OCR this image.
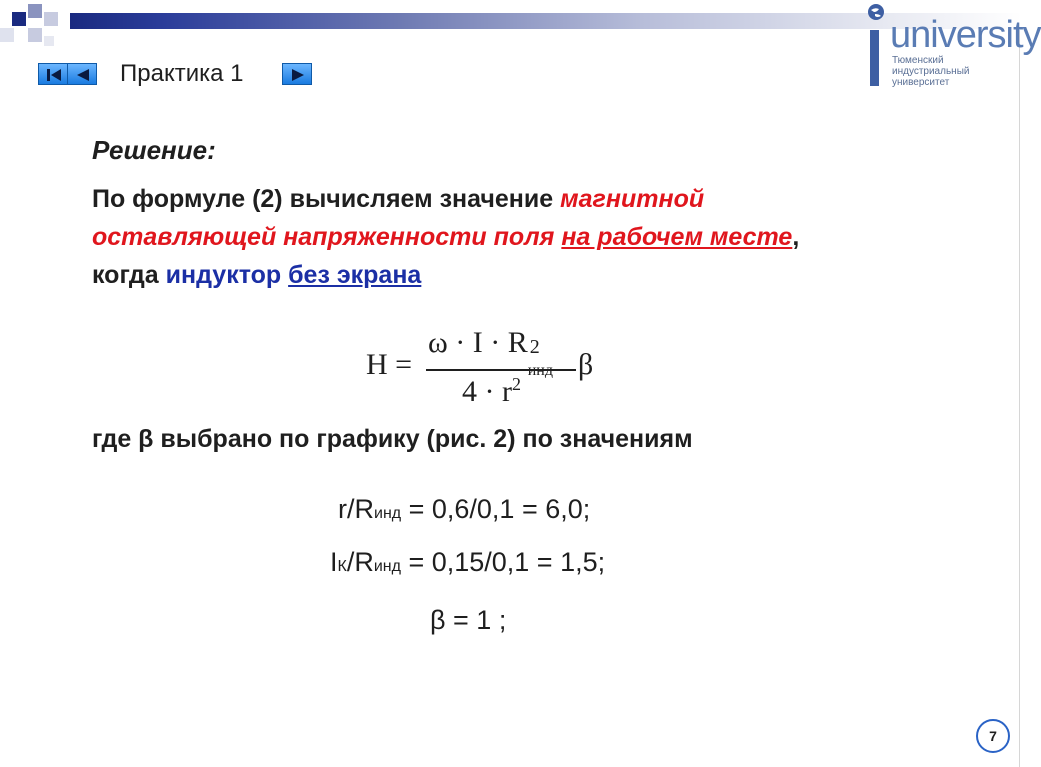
university
Тюменский
индустриальный
университет
Практика 1
Решение:
По формуле (2) вычисляем значение магнитной оставляющей напряженности поля на рабочем месте, когда индуктор без экрана
H =
ω · I · R 2
$4 \cdot r^2$
β
где β выбрано по графику (рис. 2) по значениям
r/Rинд = 0,6/0,1 = 6,0;
IК/Rинд = 0,15/0,1 = 1,5;
β = 1 ;
7
